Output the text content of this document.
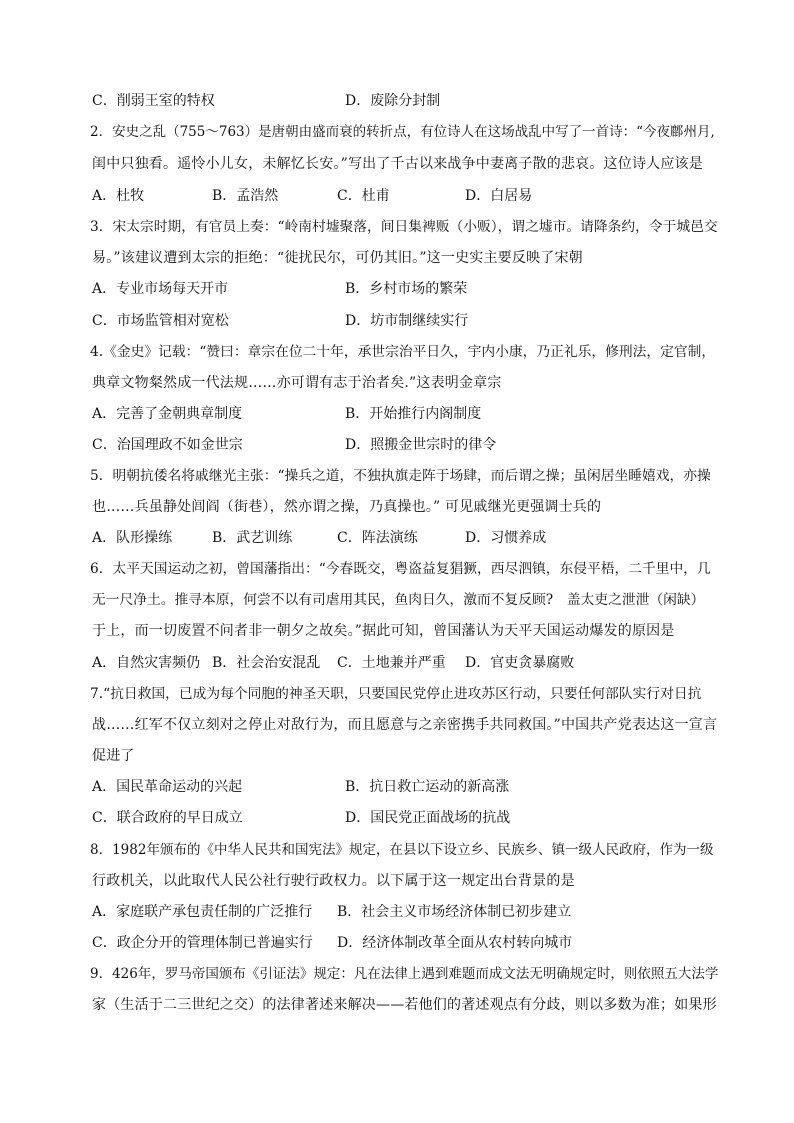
C．削弱王室的特权	D．废除分封制
2．安史之乱（755～763）是唐朝由盛而衰的转折点，有位诗人在这场战乱中写了一首诗：“今夜鄜州月,
闺中只独看。遥怜小儿女，未解忆长安。”写出了千古以来战争中妻离子散的悲哀。这位诗人应该是
A．杜牧	B．孟浩然	C．杜甫	D．白居易
3．宋太宗时期，有官员上奏：“岭南村墟聚落，间日集裨贩（小贩），谓之墟市。请降条约，令于城邑交
易。”该建议遭到太宗的拒绝：“徙扰民尔，可仍其旧。”这一史实主要反映了宋朝
A．专业市场每天开市	B．乡村市场的繁荣
C．市场监管相对宽松	D．坊市制继续实行
4.《金史》记载：“赞曰：章宗在位二十年，承世宗治平日久，宇内小康，乃正礼乐，修刑法，定官制，
典章文物粲然成一代法规……亦可谓有志于治者矣.”这表明金章宗
A．完善了金朝典章制度	B．开始推行内阁制度
C．治国理政不如金世宗	D．照搬金世宗时的律令
5．明朝抗倭名将戚继光主张：“操兵之道，不独执旗走阵于场肆，而后谓之操；虽闲居坐睡嬉戏，亦操
也……兵虽静处闾阎（街巷），然亦谓之操，乃真操也。” 可见戚继光更强调士兵的
A．队形操练	B．武艺训练	C．阵法演练	D．习惯养成
6．太平天国运动之初，曾国藩指出：“今春既交，粤盗益复猖獗，西尽泗镇，东侵平梧，二千里中，几
无一尺净土。推寻本原，何尝不以有司虐用其民，鱼肉日久，激而不复反顾?　盖太吏之泄泄（闲缺）
于上，而一切废置不问者非一朝夕之故矣。”据此可知，曾国藩认为天平天国运动爆发的原因是
A．自然灾害频仍 B．社会治安混乱 C．土地兼并严重 D．官吏贪暴腐败
7.“抗日救国，已成为每个同胞的神圣天职，只要国民党停止进攻苏区行动，只要任何部队实行对日抗
战……红军不仅立刻对之停止对敌行为，而且愿意与之亲密携手共同救国。”中国共产党表达这一宣言
促进了
A．国民革命运动的兴起	B．抗日救亡运动的新高涨
C．联合政府的早日成立	D．国民党正面战场的抗战
8．1982年颁布的《中华人民共和国宪法》规定，在县以下设立乡、民族乡、镇一级人民政府，作为一级
行政机关，以此取代人民公社行驶行政权力。以下属于这一规定出台背景的是
A．家庭联产承包责任制的广泛推行 B．社会主义市场经济体制已初步建立
C．政企分开的管理体制已普遍实行 D．经济体制改革全面从农村转向城市
9．426年，罗马帝国颁布《引证法》规定：凡在法律上遇到难题而成文法无明确规定时，则依照五大法学
家（生活于二三世纪之交）的法律著述来解决——若他们的著述观点有分歧，则以多数为准；如果形
